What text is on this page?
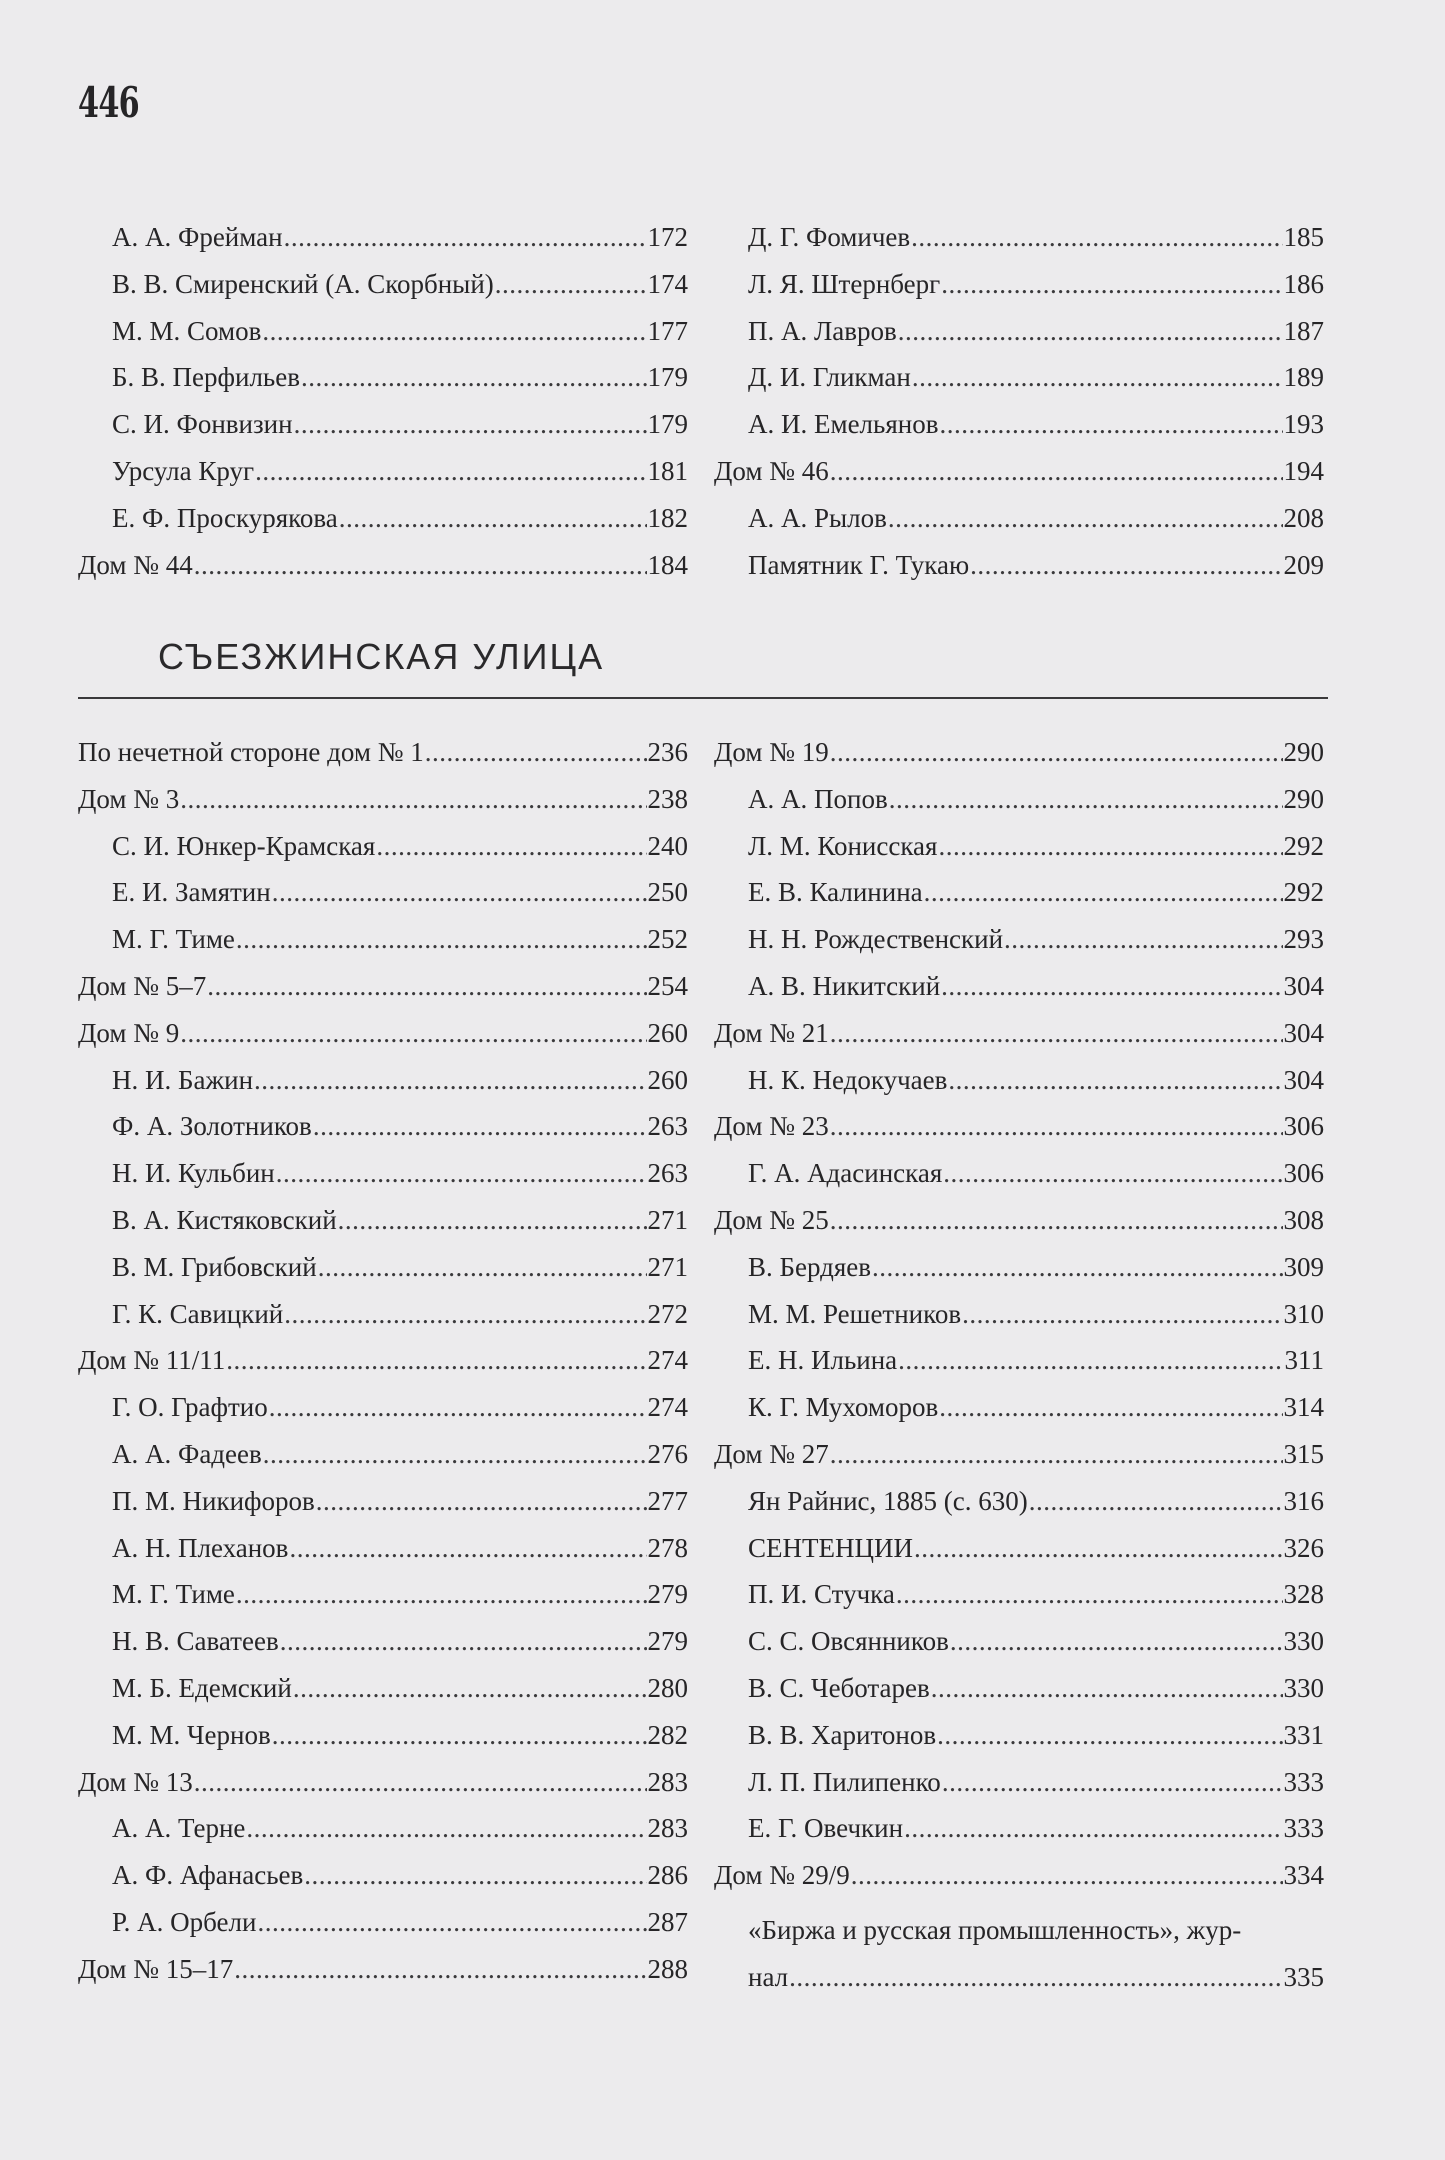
446
А. А. Фрейман .....	172
В. В. Смиренский (А. Скорбный) .....	174
М. М. Сомов .....	177
Б. В. Перфильев .....	179
С. И. Фонвизин .....	179
Урсула Круг .....	181
Е. Ф. Проскурякова .....	182
Дом № 44 .....	184
Д. Г. Фомичев .....	185
Л. Я. Штернберг .....	186
П. А. Лавров .....	187
Д. И. Гликман .....	189
А. И. Емельянов .....	193
Дом № 46 .....	194
А. А. Рылов .....	208
Памятник Г. Тукаю .....	209
СЪЕЗЖИНСКАЯ УЛИЦА
По нечетной стороне дом № 1 .....	236
Дом № 3 .....	238
С. И. Юнкер-Крамская .....	240
Е. И. Замятин .....	250
М. Г. Тиме .....	252
Дом № 5–7 .....	254
Дом № 9 .....	260
Н. И. Бажин .....	260
Ф. А. Золотников .....	263
Н. И. Кульбин .....	263
В. А. Кистяковский .....	271
В. М. Грибовский .....	271
Г. К. Савицкий .....	272
Дом № 11/11 .....	274
Г. О. Графтио .....	274
А. А. Фадеев .....	276
П. М. Никифоров .....	277
А. Н. Плеханов .....	278
М. Г. Тиме .....	279
Н. В. Саватеев .....	279
М. Б. Едемский .....	280
М. М. Чернов .....	282
Дом № 13 .....	283
А. А. Терне .....	283
А. Ф. Афанасьев .....	286
Р. А. Орбели .....	287
Дом № 15–17 .....	288
Дом № 19 .....	290
А. А. Попов .....	290
Л. М. Конисская .....	292
Е. В. Калинина .....	292
Н. Н. Рождественский .....	293
А. В. Никитский .....	304
Дом № 21 .....	304
Н. К. Недокучаев .....	304
Дом № 23 .....	306
Г. А. Адасинская .....	306
Дом № 25 .....	308
В. Бердяев .....	309
М. М. Решетников .....	310
Е. Н. Ильина .....	311
К. Г. Мухоморов .....	314
Дом № 27 .....	315
Ян Райнис, 1885 (с. 630) .....	316
СЕНТЕНЦИИ .....	326
П. И. Стучка .....	328
С. С. Овсянников .....	330
В. С. Чеботарев .....	330
В. В. Харитонов .....	331
Л. П. Пилипенко .....	333
Е. Г. Овечкин .....	333
Дом № 29/9 .....	334
«Биржа и русская промышленность», жур-
нал .....	335
